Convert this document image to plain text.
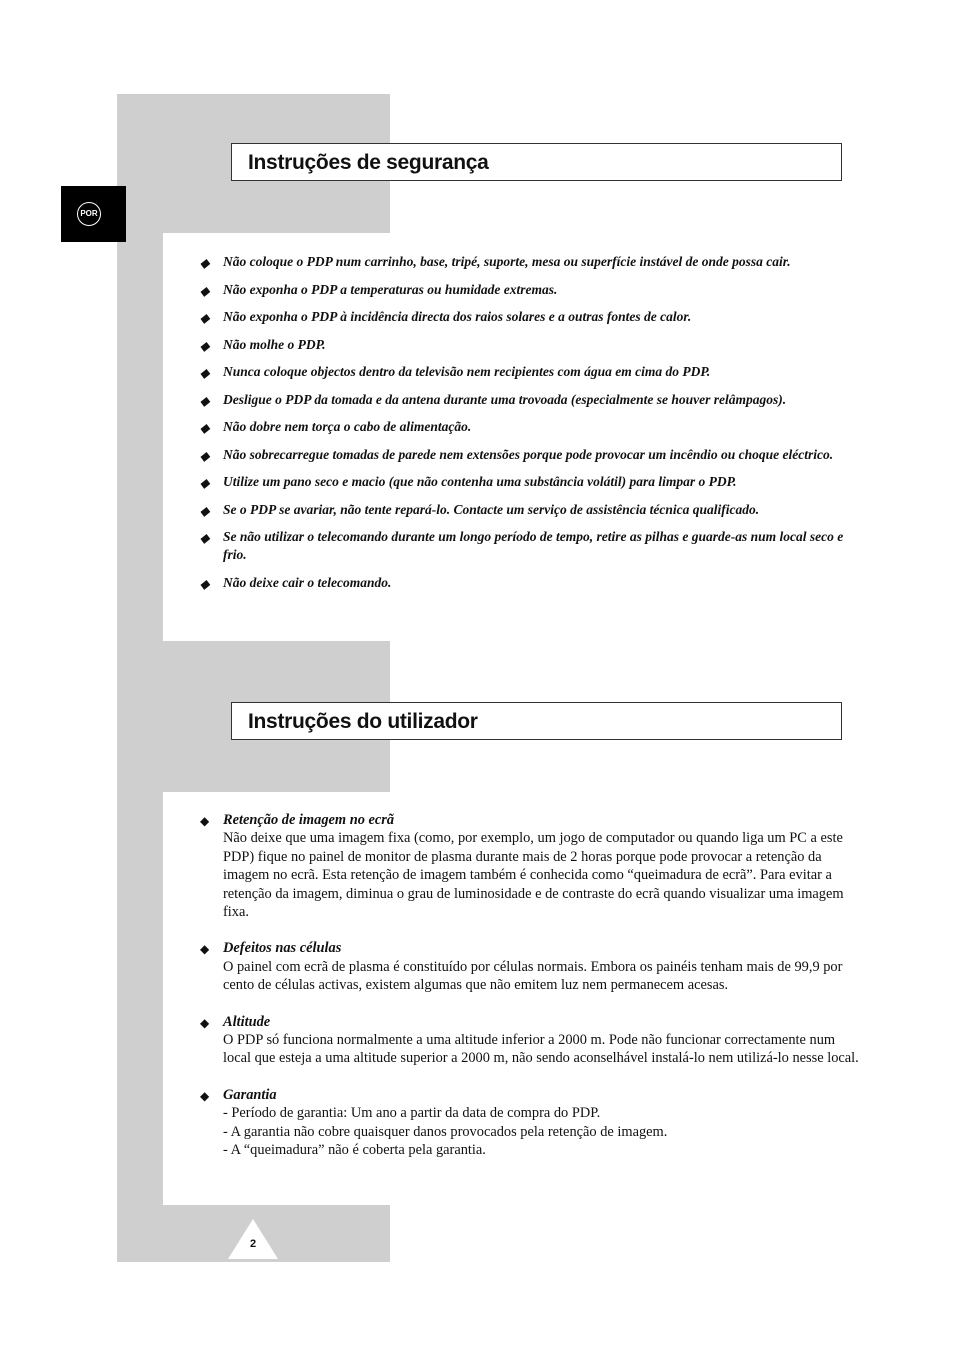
POR
Instruções de segurança
◆ Não coloque o PDP num carrinho, base, tripé, suporte, mesa ou superfície instável de onde possa cair.
◆ Não exponha o PDP a temperaturas ou humidade extremas.
◆ Não exponha o PDP à incidência directa dos raios solares e a outras fontes de calor.
◆ Não molhe o PDP.
◆ Nunca coloque objectos dentro da televisão nem recipientes com água em cima do PDP.
◆ Desligue o PDP da tomada e da antena durante uma trovoada (especialmente se houver relâmpagos).
◆ Não dobre nem torça o cabo de alimentação.
◆ Não sobrecarregue tomadas de parede nem extensões porque pode provocar um incêndio ou choque eléctrico.
◆ Utilize um pano seco e macio (que não contenha uma substância volátil) para limpar o PDP.
◆ Se o PDP se avariar, não tente repará-lo. Contacte um serviço de assistência técnica qualificado.
◆ Se não utilizar o telecomando durante um longo período de tempo, retire as pilhas e guarde-as num local seco e frio.
◆ Não deixe cair o telecomando.
Instruções do utilizador
◆ Retenção de imagem no ecrã
Não deixe que uma imagem fixa (como, por exemplo, um jogo de computador ou quando liga um PC a este PDP) fique no painel de monitor de plasma durante mais de 2 horas porque pode provocar a retenção da imagem no ecrã. Esta retenção de imagem também é conhecida como “queimadura de ecrã”. Para evitar a retenção da imagem, diminua o grau de luminosidade e de contraste do ecrã quando visualizar uma imagem fixa.
◆ Defeitos nas células
O painel com ecrã de plasma é constituído por células normais. Embora os painéis tenham mais de 99,9 por cento de células activas, existem algumas que não emitem luz nem permanecem acesas.
◆ Altitude
O PDP só funciona normalmente a uma altitude inferior a 2000 m. Pode não funcionar correctamente num local que esteja a uma altitude superior a 2000 m, não sendo aconselhável instalá-lo nem utilizá-lo nesse local.
◆ Garantia
- Período de garantia: Um ano a partir da data de compra do PDP.
- A garantia não cobre quaisquer danos provocados pela retenção de imagem.
- A “queimadura” não é coberta pela garantia.
2
